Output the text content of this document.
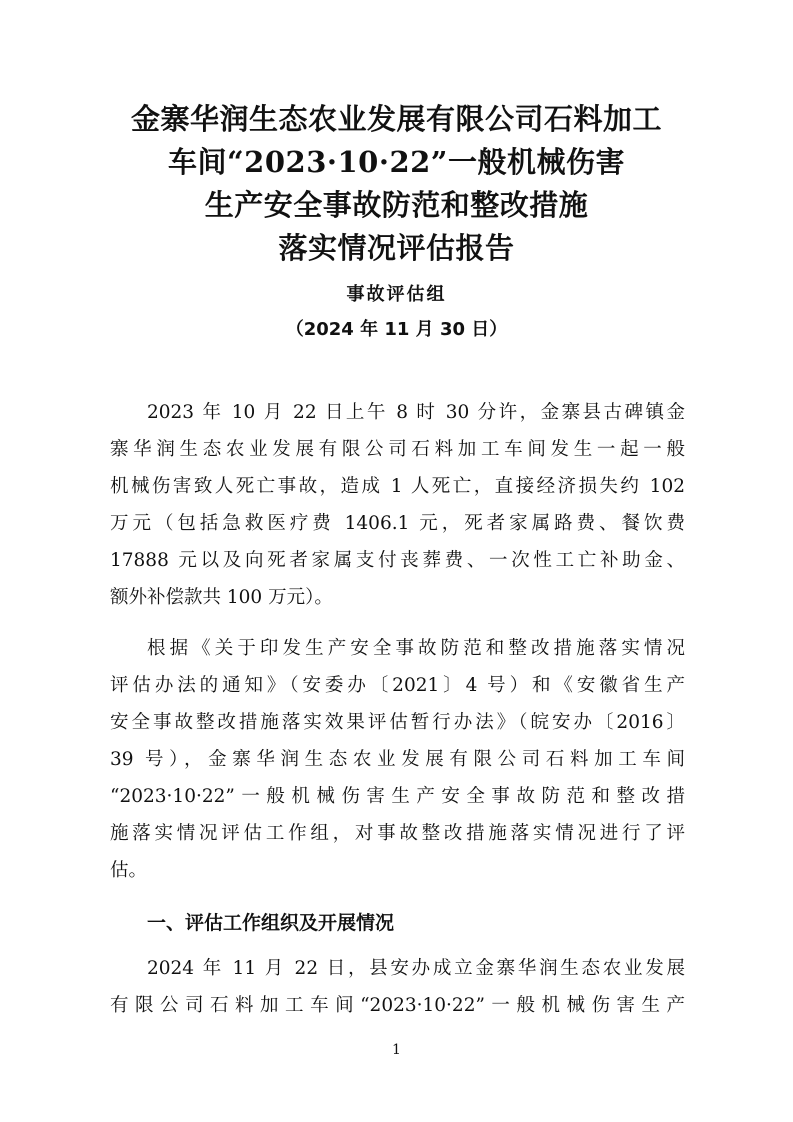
金寨华润生态农业发展有限公司石料加工
车间“2023·10·22”一般机械伤害
生产安全事故防范和整改措施
落实情况评估报告
事故评估组
（2024 年 11 月 30 日）
2023 年 10 月 22 日上午 8 时 30 分许，金寨县古碑镇金
寨华润生态农业发展有限公司石料加工车间发生一起一般
机械伤害致人死亡事故，造成 1 人死亡，直接经济损失约 102
万元（包括急救医疗费 1406.1 元，死者家属路费、餐饮费
17888 元以及向死者家属支付丧葬费、一次性工亡补助金、
额外补偿款共 100 万元）。
根据《关于印发生产安全事故防范和整改措施落实情况
评估办法的通知》（安委办〔2021〕4 号）和《安徽省生产
安全事故整改措施落实效果评估暂行办法》（皖安办〔2016〕
39 号），金寨华润生态农业发展有限公司石料加工车间
“2023·10·22”一般机械伤害生产安全事故防范和整改措
施落实情况评估工作组，对事故整改措施落实情况进行了评
估。
一、评估工作组织及开展情况
2024 年 11 月 22 日，县安办成立金寨华润生态农业发展
有限公司石料加工车间“2023·10·22”一般机械伤害生产
1
